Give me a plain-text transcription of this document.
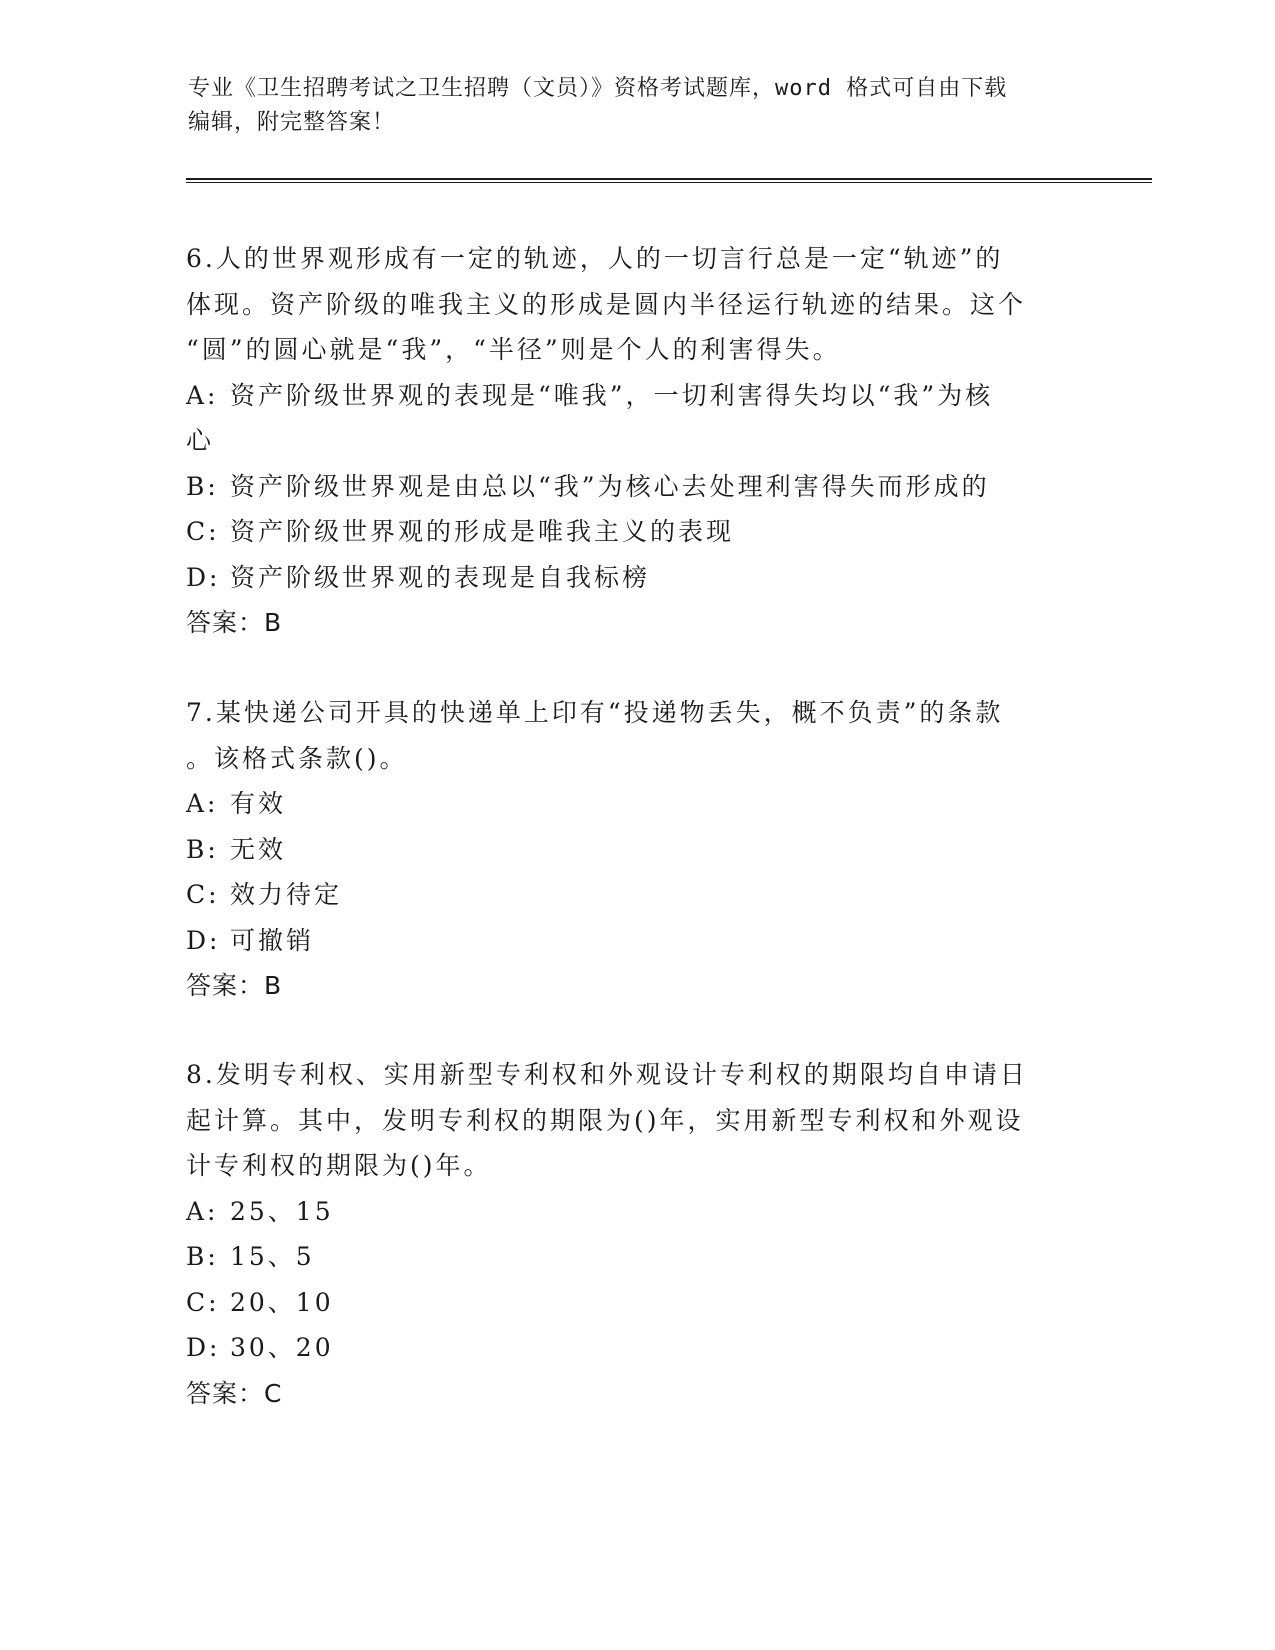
专业《卫生招聘考试之卫生招聘（文员）》资格考试题库，word 格式可自由下载
编辑，附完整答案！
6.人的世界观形成有一定的轨迹，人的一切言行总是一定“轨迹”的
体现。资产阶级的唯我主义的形成是圆内半径运行轨迹的结果。这个
“圆”的圆心就是“我”，“半径”则是个人的利害得失。
A: 资产阶级世界观的表现是“唯我”，一切利害得失均以“我”为核
心
B: 资产阶级世界观是由总以“我”为核心去处理利害得失而形成的
C: 资产阶级世界观的形成是唯我主义的表现
D: 资产阶级世界观的表现是自我标榜
答案：B
7.某快递公司开具的快递单上印有“投递物丢失，概不负责”的条款
。该格式条款()。
A: 有效
B: 无效
C: 效力待定
D: 可撤销
答案：B
8.发明专利权、实用新型专利权和外观设计专利权的期限均自申请日
起计算。其中，发明专利权的期限为()年，实用新型专利权和外观设
计专利权的期限为()年。
A: 25、15
B: 15、5
C: 20、10
D: 30、20
答案：C
